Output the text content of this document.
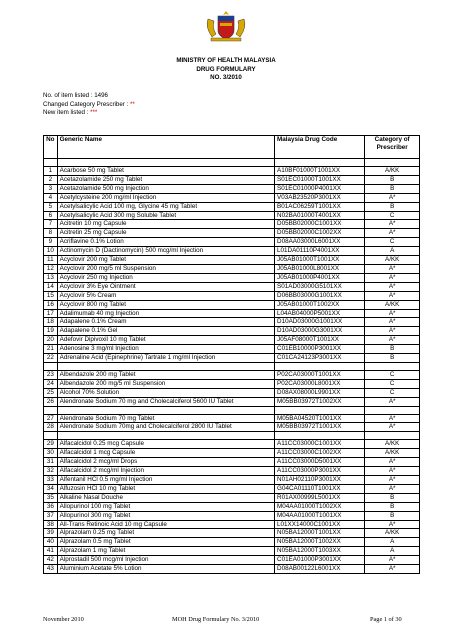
MINISTRY OF HEALTH MALAYSIA
DRUG FORMULARY
NO. 3/2010
No. of item listed : 1496
Changed Category Prescriber : **
New item listed : ***
No	Generic Name	Malaysia Drug Code	Category of Prescriber

1	Acarbose 50 mg Tablet	A10BF01000T1001XX	A/KK
2	Acetazolamide 250 mg Tablet	S01EC01000T1001XX	B
3	Acetazolamide 500 mg Injection	S01EC01000P4001XX	B
4	Acetylcysteine 200 mg/ml Injection	V03AB23520P3001XX	A*
5	Acetylsalicylic Acid 100 mg, Glycine 45 mg Tablet	B01AC06259T1001XX	B
6	Acetylsalicylic Acid 300 mg Soluble Tablet	N02BA01000T4001XX	C
7	Acitretin 10 mg Capsule	D05BB02000C1001XX	A*
8	Acitretin 25 mg Capsule	D05BB02000C1002XX	A*
9	Acriflavine 0.1% Lotion	D08AA03000L6001XX	C
10	Actinomycin D (Dactinomycin) 500 mcg/ml Injection	L01DA01110P4001XX	A
11	Acyclovir 200 mg Tablet	J05AB01000T1001XX	A/KK
12	Acyclovir 200 mg/5 ml Suspension	J05AB01000L8001XX	A*
13	Acyclovir 250 mg Injection	J05AB01000P4001XX	A*
14	Acyclovir 3% Eye Ointment	S01AD03000G5101XX	A*
15	Acyclovir 5% Cream	D06BB03000G1001XX	A*
16	Acyclovir 800 mg Tablet	J05AB01000T1002XX	A/KK
17	Adalimumab 40 mg Injection	L04AB04000P5001XX	A*
18	Adapalene 0.1% Cream	D10AD03000G1001XX	A*
19	Adapalene 0.1% Gel	D10AD03000G3001XX	A*
20	Adefovir Dipivoxil 10 mg Tablet	J05AF08000T1001XX	A*
21	Adenosine 3 mg/ml Injection	C01EB10000P3001XX	B
22	Adrenaline Acid (Epinephrine) Tartrate 1 mg/ml Injection	C01CA24123P3001XX	B

23	Albendazole 200 mg Tablet	P02CA03000T1001XX	C
24	Albendazole 200 mg/5 ml Suspension	P02CA03000L8001XX	C
25	Alcohol 70% Solution	D08AX08000L9901XX	C
26	Alendronate Sodium 70 mg and Cholecalciferol 5600 IU Tablet	M05BB03972T1002XX	A*

27	Alendronate Sodium 70 mg Tablet	M05BA04520T1001XX	A*
28	Alendronate Sodium 70mg and Cholecalciferol 2800 IU Tablet	M05BB03972T1001XX	A*

29	Alfacalcidol 0.25 mcg Capsule	A11CC03000C1001XX	A/KK
30	Alfacalcidol 1 mcg Capsule	A11CC03000C1002XX	A/KK
31	Alfacalcidol 2 mcg/ml Drops	A11CC03000D5001XX	A*
32	Alfacalcidol 2 mcg/ml Injection	A11CC03000P3001XX	A*
33	Alfentanil HCl 0.5 mg/ml Injection	N01AH02110P3001XX	A*
34	Alfuzosin HCl 10 mg Tablet	G04CA01110T1001XX	A*
35	Alkaline Nasal Douche	R01AX00999L5001XX	B
36	Allopurinol 100 mg Tablet	M04AA01000T1002XX	B
37	Allopurinol 300 mg Tablet	M04AA01000T1001XX	B
38	All-Trans Retinoic Acid 10 mg Capsule	L01XX14000C1001XX	A*
39	Alprazolam 0.25 mg Tablet	N05BA12000T1001XX	A/KK
40	Alprazolam 0.5 mg Tablet	N05BA12000T1002XX	A
41	Alprazolam 1 mg Tablet	N05BA12000T1003XX	A
42	Alprostadil 500 mcg/ml Injection	C01EA01000P3001XX	A*
43	Aluminium Acetate 5% Lotion	D08AB00122L6001XX	A*
November 2010	MOH Drug Formulary No. 3/2010	Page 1 of 30
